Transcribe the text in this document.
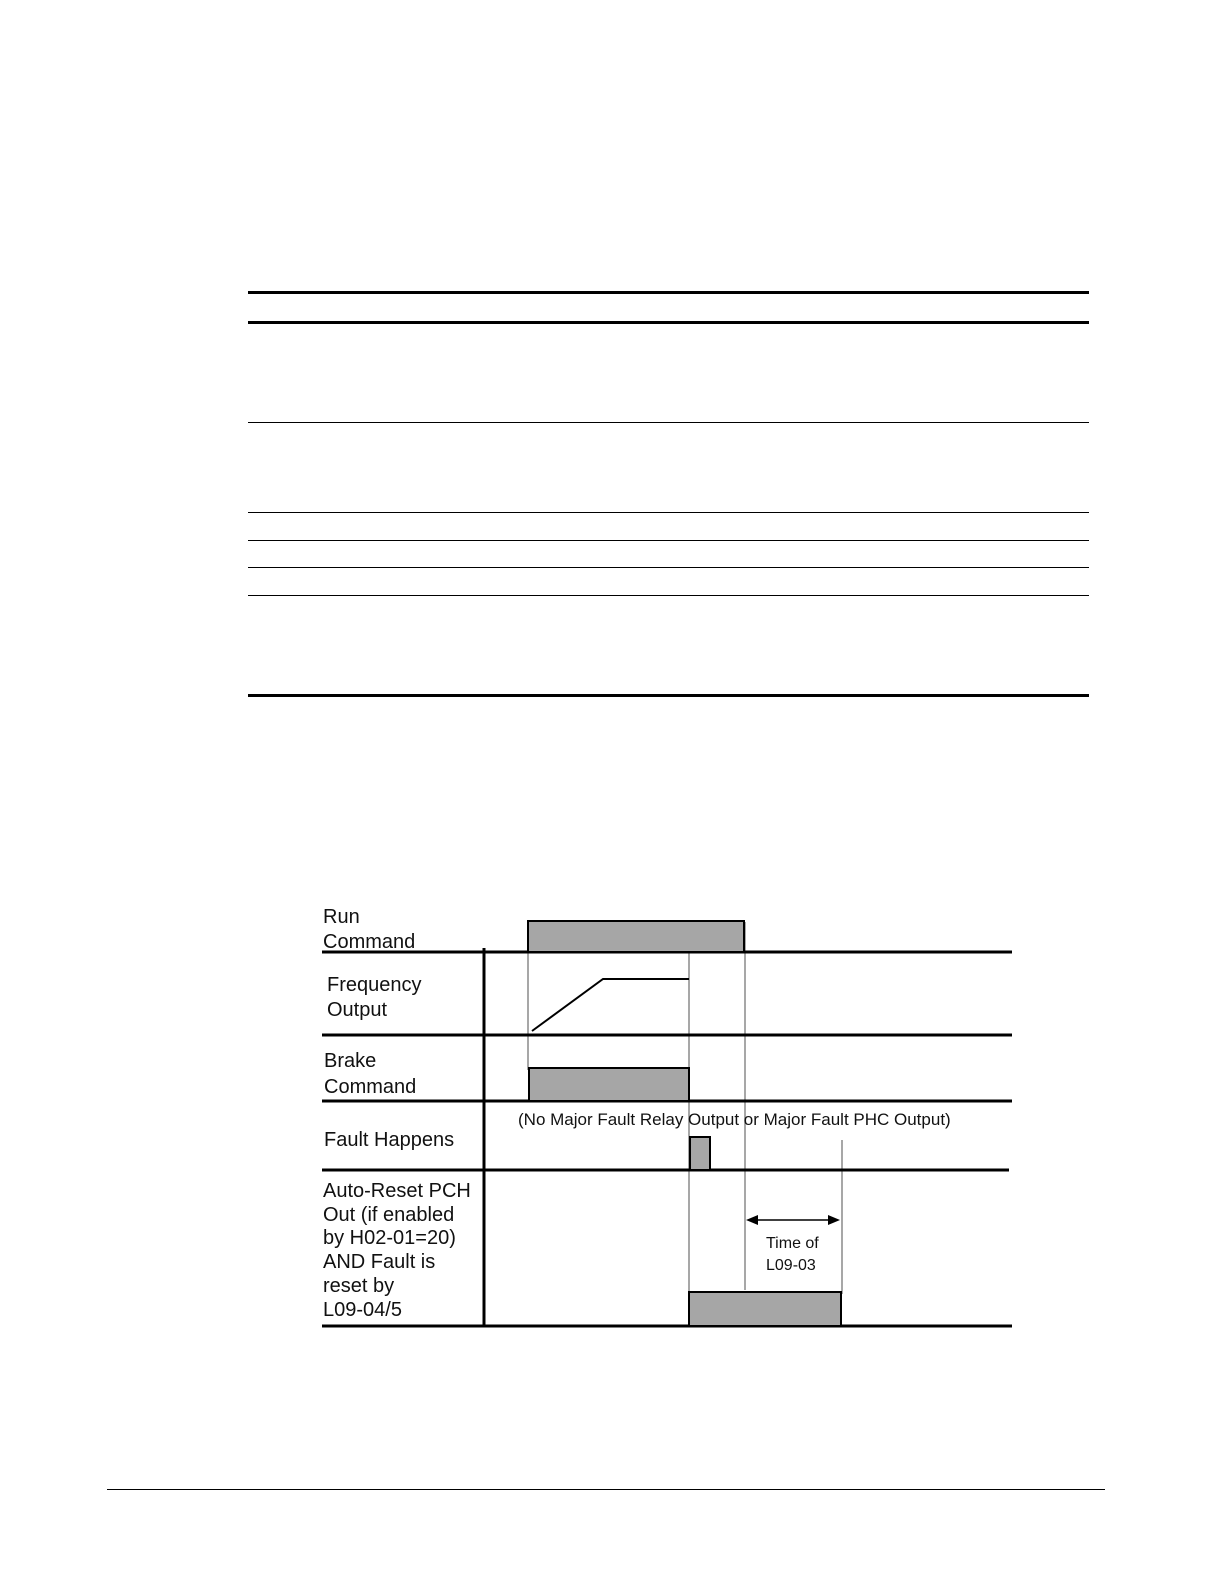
Run Command
Frequency Output
Brake Command
Fault Happens
Auto-Reset PCH Out (if enabled by H02-01=20) AND Fault is reset by L09-04/5
(No Major Fault Relay Output or Major Fault PHC Output)
Time of L09-03
